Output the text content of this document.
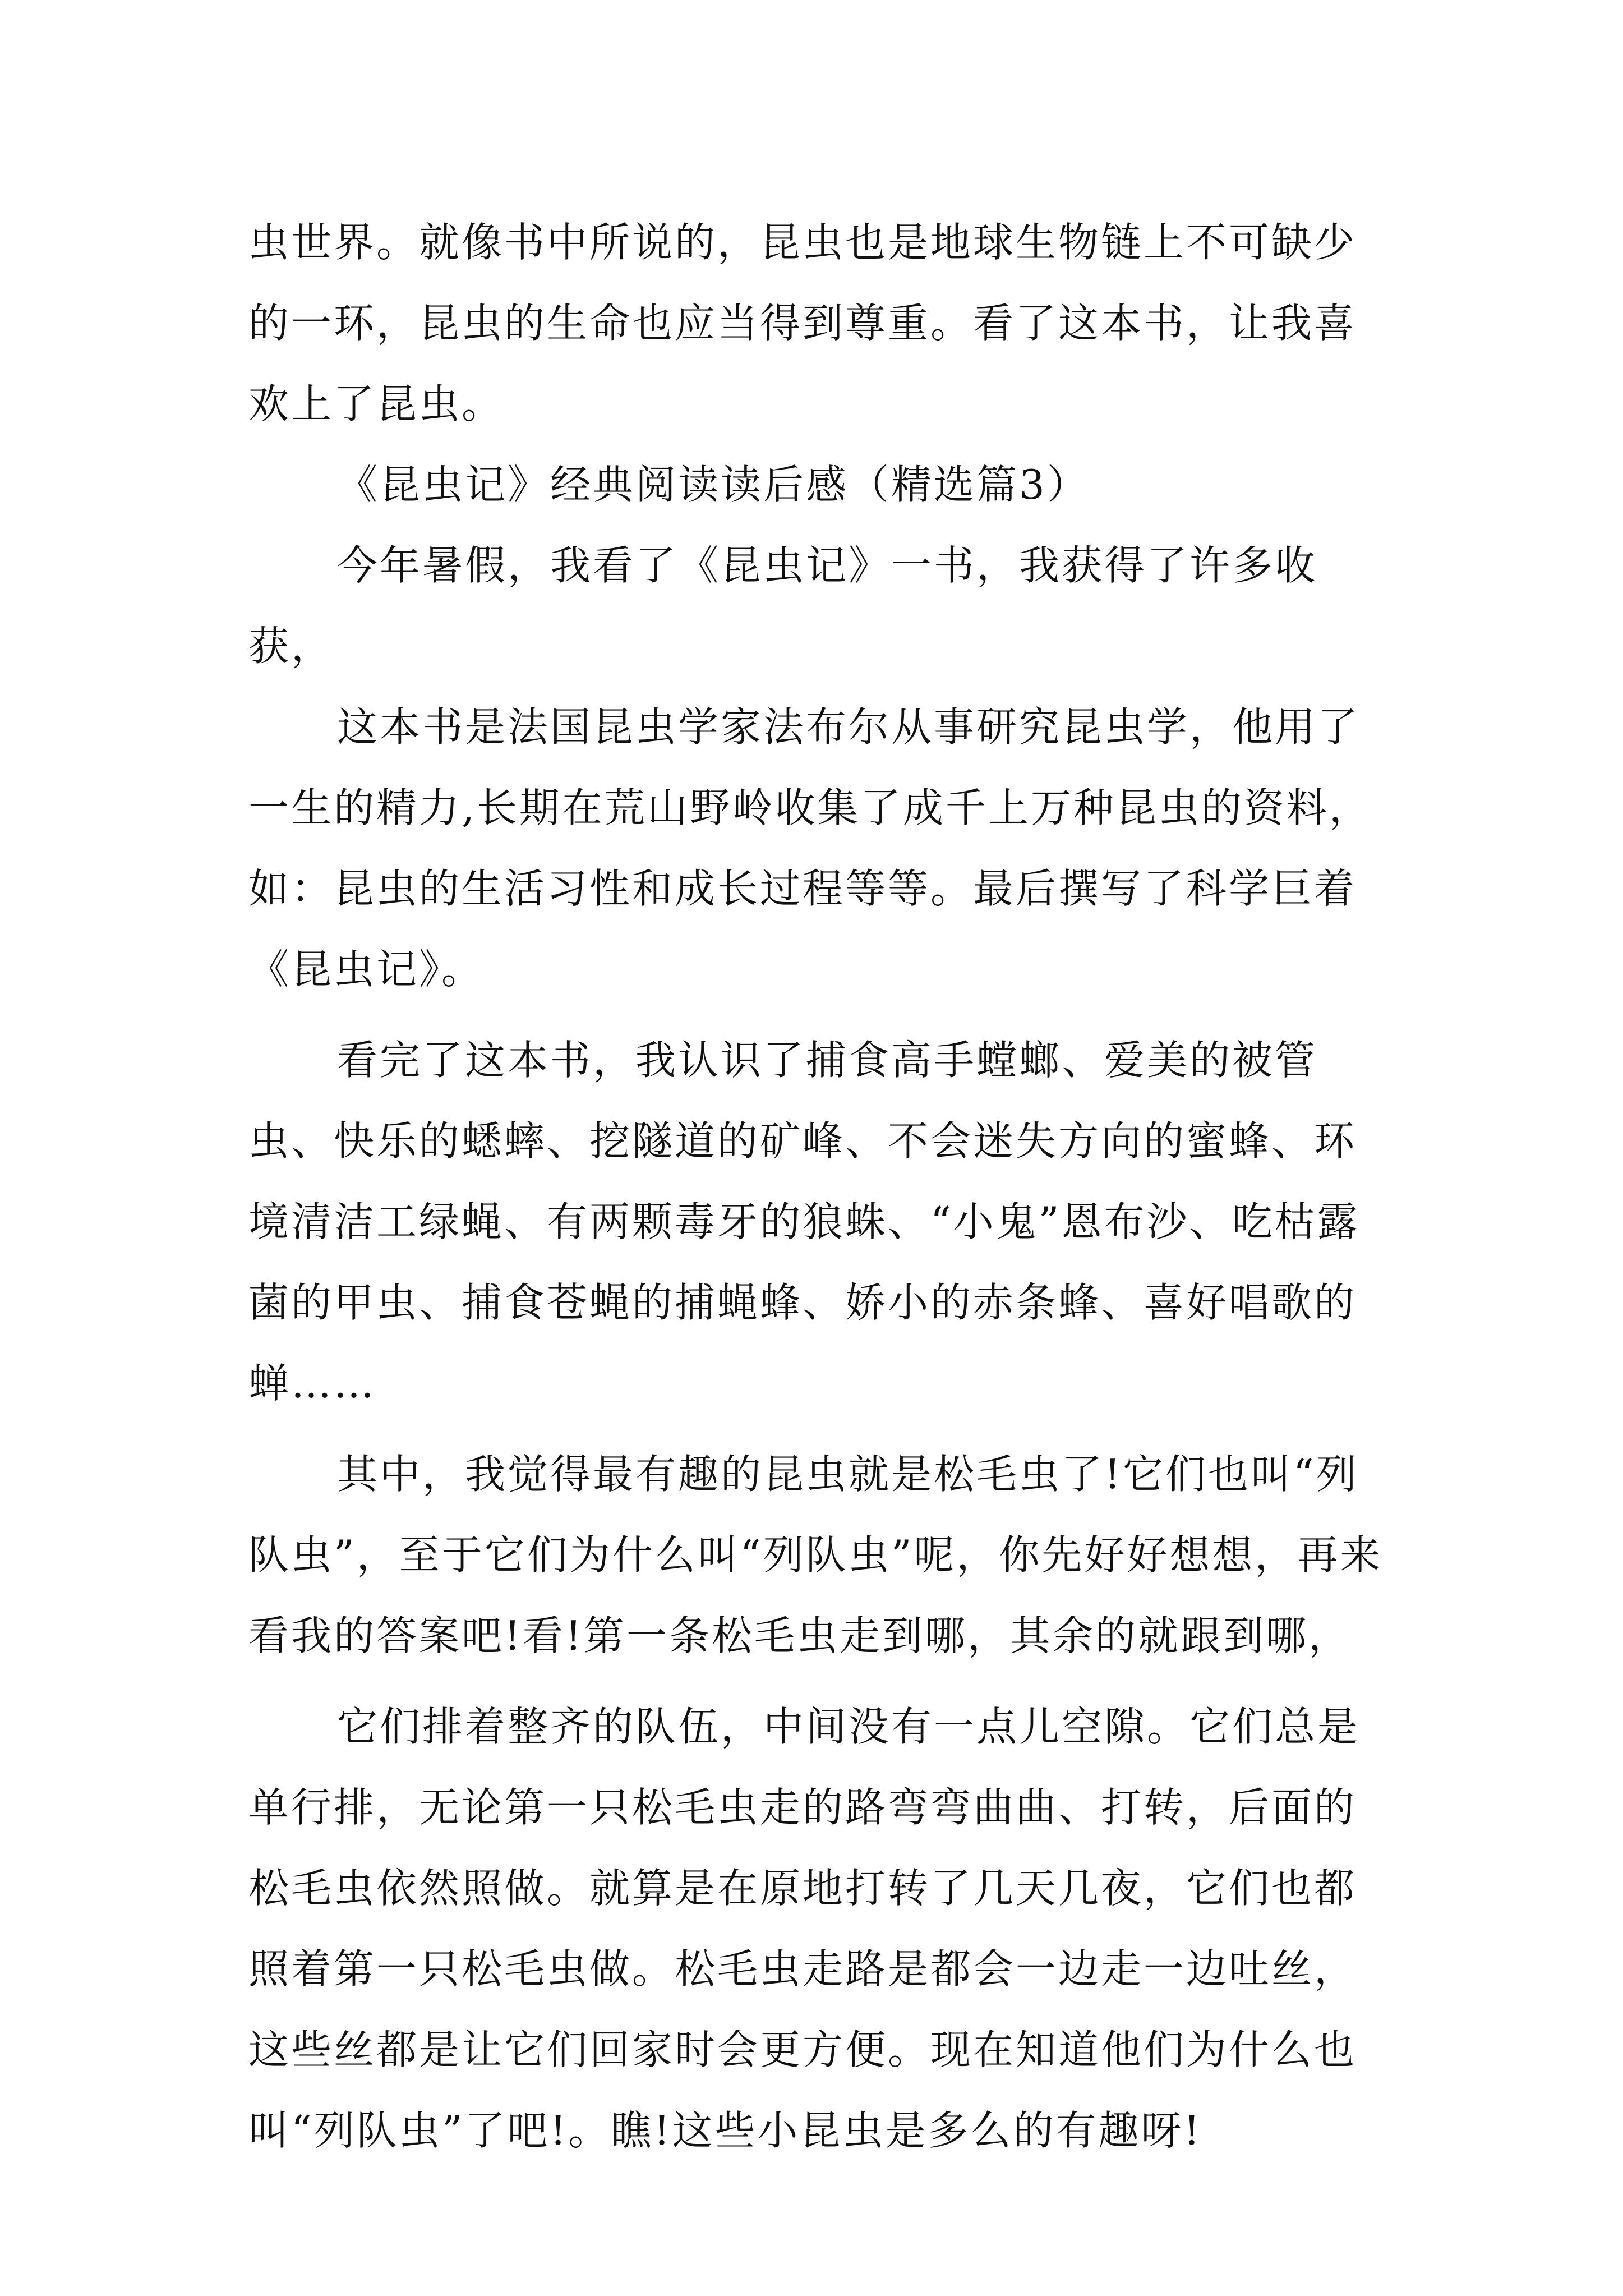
虫世界。就像书中所说的，昆虫也是地球生物链上不可缺少的一环，昆虫的生命也应当得到尊重。看了这本书，让我喜欢上了昆虫。

《昆虫记》经典阅读读后感（精选篇3）

今年暑假，我看了《昆虫记》一书，我获得了许多收获，

这本书是法国昆虫学家法布尔从事研究昆虫学，他用了一生的精力,长期在荒山野岭收集了成千上万种昆虫的资料，如：昆虫的生活习性和成长过程等等。最后撰写了科学巨着《昆虫记》。

看完了这本书，我认识了捕食高手螳螂、爱美的被管虫、快乐的蟋蟀、挖隧道的矿峰、不会迷失方向的蜜蜂、环境清洁工绿蝇、有两颗毒牙的狼蛛、“小鬼”恩布沙、吃枯露菌的甲虫、捕食苍蝇的捕蝇蜂、娇小的赤条蜂、喜好唱歌的蝉……

其中，我觉得最有趣的昆虫就是松毛虫了!它们也叫“列队虫”，至于它们为什么叫“列队虫”呢，你先好好想想，再来看我的答案吧!看!第一条松毛虫走到哪，其余的就跟到哪，

它们排着整齐的队伍，中间没有一点儿空隙。它们总是单行排，无论第一只松毛虫走的路弯弯曲曲、打转，后面的松毛虫依然照做。就算是在原地打转了几天几夜，它们也都照着第一只松毛虫做。松毛虫走路是都会一边走一边吐丝，这些丝都是让它们回家时会更方便。现在知道他们为什么也叫“列队虫”了吧!。瞧!这些小昆虫是多么的有趣呀!
